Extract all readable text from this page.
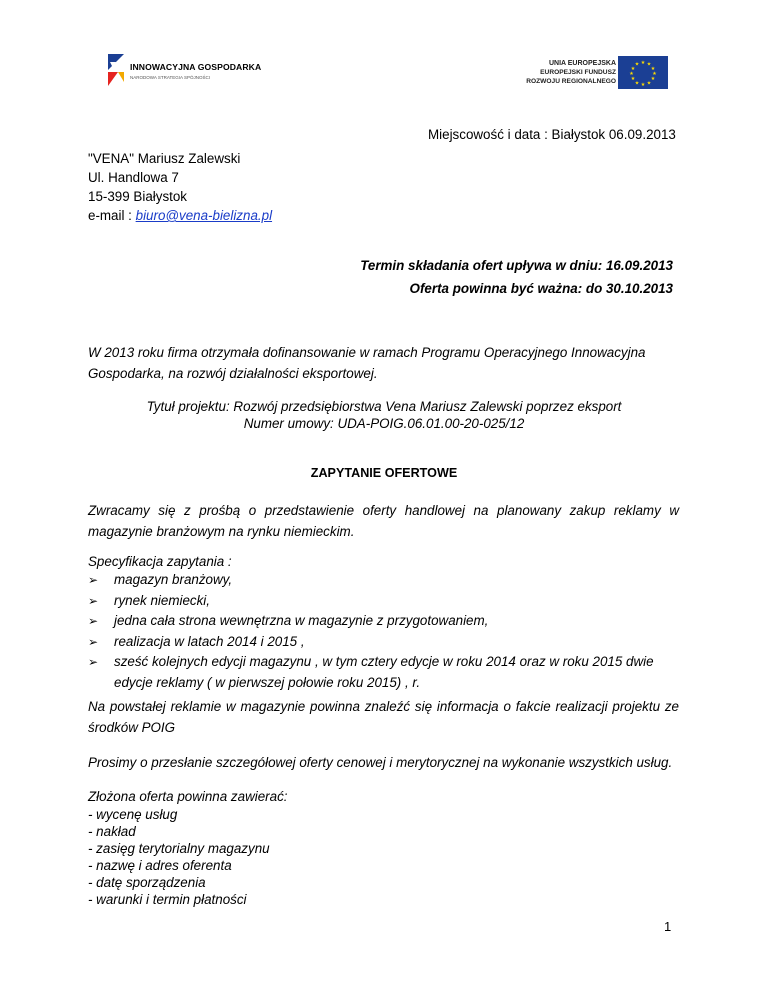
INNOWACYJNA GOSPODARKA
NARODOWA STRATEGIA SPÓJNOŚCI
UNIA EUROPEJSKA
EUROPEJSKI FUNDUSZ
ROZWOJU REGIONALNEGO
★ ★
★
★
★
★
★
★
★
★
★
★
Miejscowość i data : Białystok 06.09.2013
"VENA" Mariusz Zalewski
Ul. Handlowa 7
15-399 Białystok
e-mail : biuro@vena-bielizna.pl
Termin składania ofert upływa w dniu: 16.09.2013
Oferta powinna być ważna: do 30.10.2013
W 2013 roku firma otrzymała dofinansowanie w ramach Programu Operacyjnego Innowacyjna Gospodarka, na rozwój działalności eksportowej.
Tytuł projektu: Rozwój przedsiębiorstwa Vena Mariusz Zalewski poprzez eksport
Numer umowy: UDA-POIG.06.01.00-20-025/12
ZAPYTANIE OFERTOWE
Zwracamy się z prośbą o przedstawienie oferty handlowej na planowany zakup reklamy w magazynie branżowym na rynku niemieckim.
Specyfikacja zapytania :
➢ magazyn branżowy,
➢ rynek niemiecki,
➢ jedna cała strona wewnętrzna w magazynie z przygotowaniem,
➢ realizacja w latach 2014 i 2015 ,
➢ sześć kolejnych edycji magazynu , w tym cztery edycje w roku 2014 oraz w roku 2015 dwie
edycje reklamy ( w pierwszej połowie roku 2015) , r.
Na powstałej reklamie w magazynie powinna znaleźć się informacja o fakcie realizacji projektu ze środków POIG
Prosimy o przesłanie szczegółowej oferty cenowej i merytorycznej na wykonanie wszystkich usług.
Złożona oferta powinna zawierać:
- wycenę usług
- nakład
- zasięg terytorialny magazynu
- nazwę i adres oferenta
- datę sporządzenia
- warunki i termin płatności
1
